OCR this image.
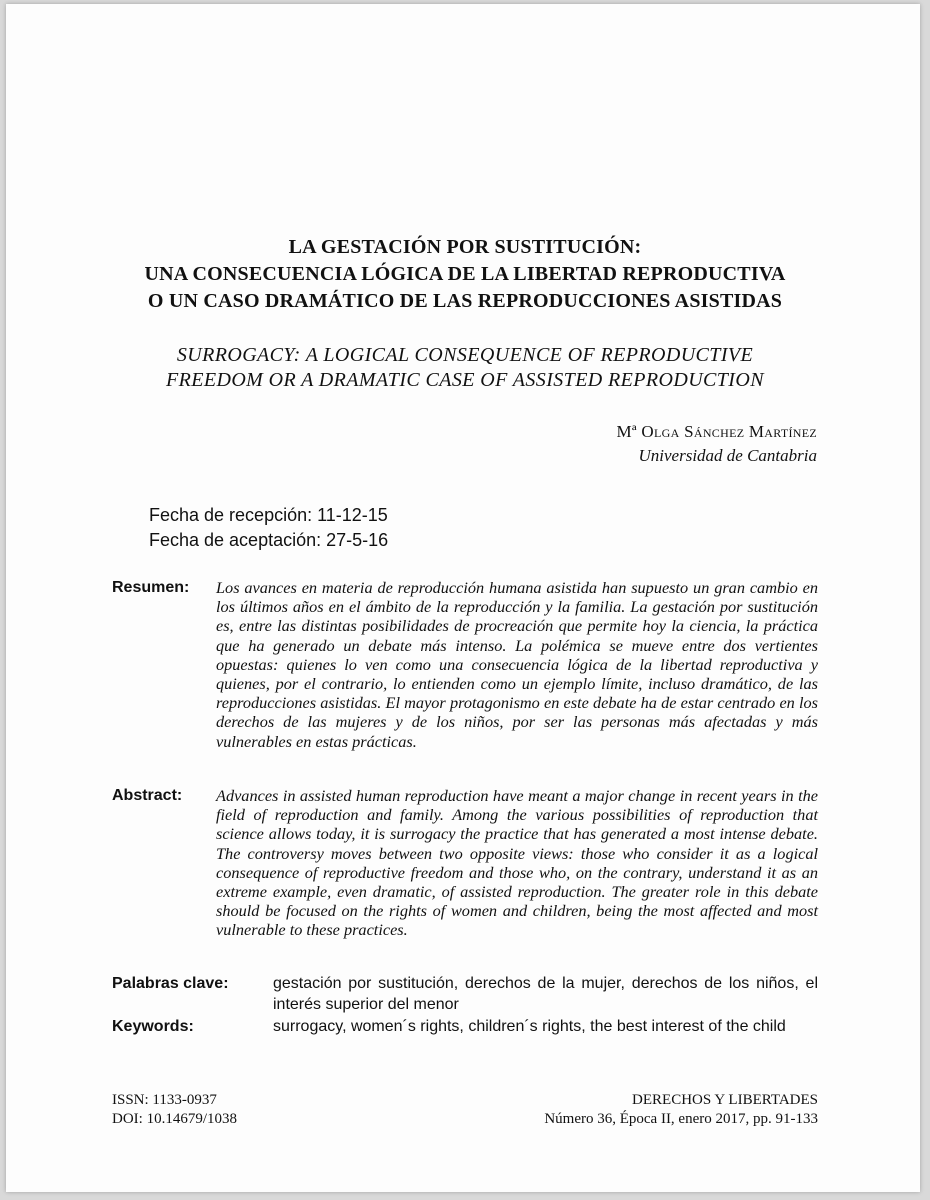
LA GESTACIÓN POR SUSTITUCIÓN:
UNA CONSECUENCIA LÓGICA DE LA LIBERTAD REPRODUCTIVA
O UN CASO DRAMÁTICO DE LAS REPRODUCCIONES ASISTIDAS
SURROGACY: A LOGICAL CONSEQUENCE OF REPRODUCTIVE
FREEDOM OR A DRAMATIC CASE OF ASSISTED REPRODUCTION
Mª Olga Sánchez Martínez
Universidad de Cantabria
Fecha de recepción: 11-12-15
Fecha de aceptación: 27-5-16
Resumen: Los avances en materia de reproducción humana asistida han supuesto un gran cambio en los últimos años en el ámbito de la reproducción y la familia. La gestación por sustitución es, entre las distintas posibilidades de procreación que permite hoy la ciencia, la práctica que ha generado un debate más intenso. La polémica se mueve entre dos vertientes opuestas: quienes lo ven como una consecuencia lógica de la libertad reproductiva y quienes, por el contrario, lo entienden como un ejemplo límite, incluso dramático, de las reproducciones asistidas. El mayor protagonismo en este debate ha de estar centrado en los derechos de las mujeres y de los niños, por ser las personas más afectadas y más vulnerables en estas prácticas.
Abstract: Advances in assisted human reproduction have meant a major change in recent years in the field of reproduction and family. Among the various possibilities of reproduction that science allows today, it is surrogacy the practice that has generated a most intense debate. The controversy moves between two opposite views: those who consider it as a logical consequence of reproductive freedom and those who, on the contrary, understand it as an extreme example, even dramatic, of assisted reproduction. The greater role in this debate should be focused on the rights of women and children, being the most affected and most vulnerable to these practices.
Palabras clave:	gestación por sustitución, derechos de la mujer, derechos de los niños, el interés superior del menor
Keywords:	surrogacy, women´s rights, children´s rights, the best interest of the child
ISSN: 1133-0937
DOI: 10.14679/1038
DERECHOS Y LIBERTADES
Número 36, Época II, enero 2017, pp. 91-133
